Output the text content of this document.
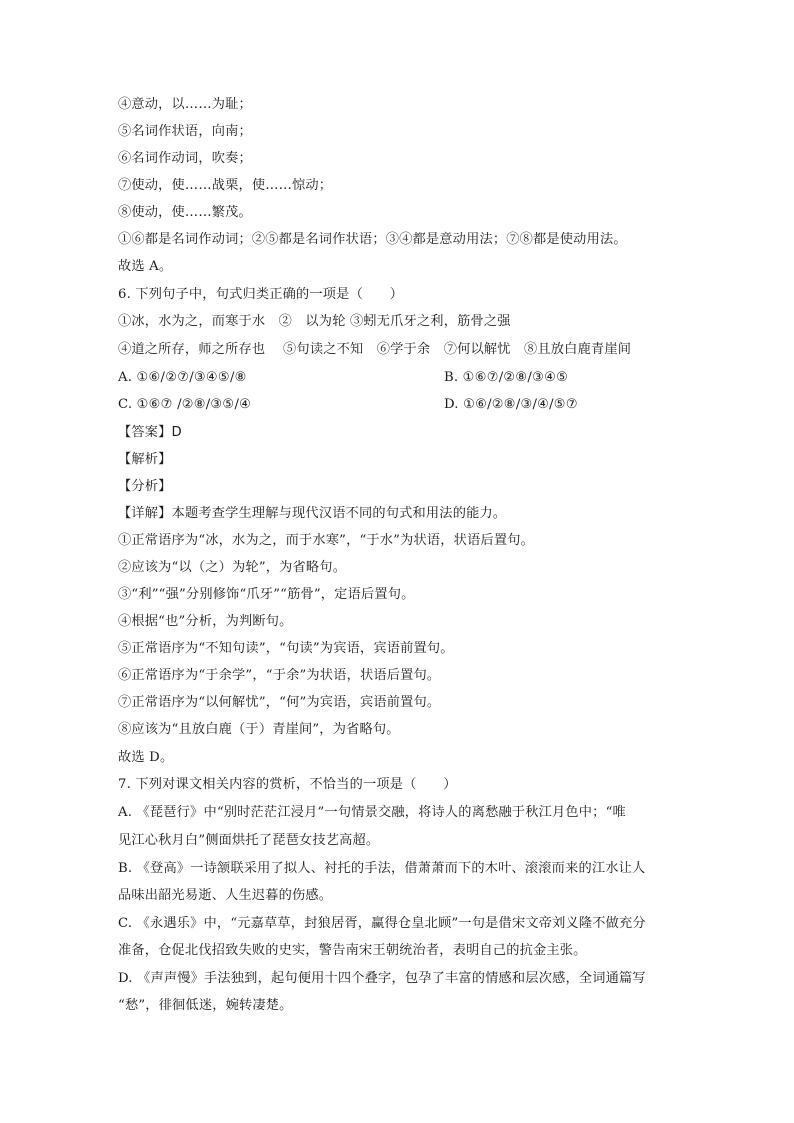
④意动，以……为耻；
⑤名词作状语，向南；
⑥名词作动词，吹奏；
⑦使动，使……战栗，使……惊动；
⑧使动，使……繁茂。
①⑥都是名词作动词；②⑤都是名词作状语；③④都是意动用法；⑦⑧都是使动用法。
故选 A。
6. 下列句子中，句式归类正确的一项是（　　）
①冰，水为之，而寒于水　②　以为轮 ③蚓无爪牙之利，筋骨之强
④道之所存，师之所存也　 ⑤句读之不知　⑥学于余　⑦何以解忧　⑧且放白鹿青崖间
A. ①⑥/②⑦/③④⑤/⑧	B. ①⑥⑦/②⑧/③④⑤
C. ①⑥⑦ /②⑧/③⑤/④	D. ①⑥/②⑧/③/④/⑤⑦
【答案】D
【解析】
【分析】
【详解】本题考查学生理解与现代汉语不同的句式和用法的能力。
①正常语序为“冰，水为之，而于水寒”，“于水”为状语，状语后置句。
②应该为“以（之）为轮”，为省略句。
③“利”“强”分别修饰“爪牙”“筋骨”，定语后置句。
④根据“也”分析，为判断句。
⑤正常语序为“不知句读”，“句读”为宾语，宾语前置句。
⑥正常语序为“于余学”，“于余”为状语，状语后置句。
⑦正常语序为“以何解忧”，“何”为宾语，宾语前置句。
⑧应该为“且放白鹿（于）青崖间”，为省略句。
故选 D。
7. 下列对课文相关内容的赏析，不恰当的一项是（　　）
A. 《琵琶行》中“别时茫茫江浸月”一句情景交融，将诗人的离愁融于秋江月色中；“唯
见江心秋月白”侧面烘托了琵琶女技艺高超。
B. 《登高》一诗颔联采用了拟人、衬托的手法，借萧萧而下的木叶、滚滚而来的江水让人
品味出韶光易逝、人生迟暮的伤感。
C. 《永遇乐》中，“元嘉草草，封狼居胥，赢得仓皇北顾”一句是借宋文帝刘义隆不做充分
准备，仓促北伐招致失败的史实，警告南宋王朝统治者，表明自己的抗金主张。
D. 《声声慢》手法独到，起句便用十四个叠字，包孕了丰富的情感和层次感，全词通篇写
“愁”，徘徊低迷，婉转凄楚。
